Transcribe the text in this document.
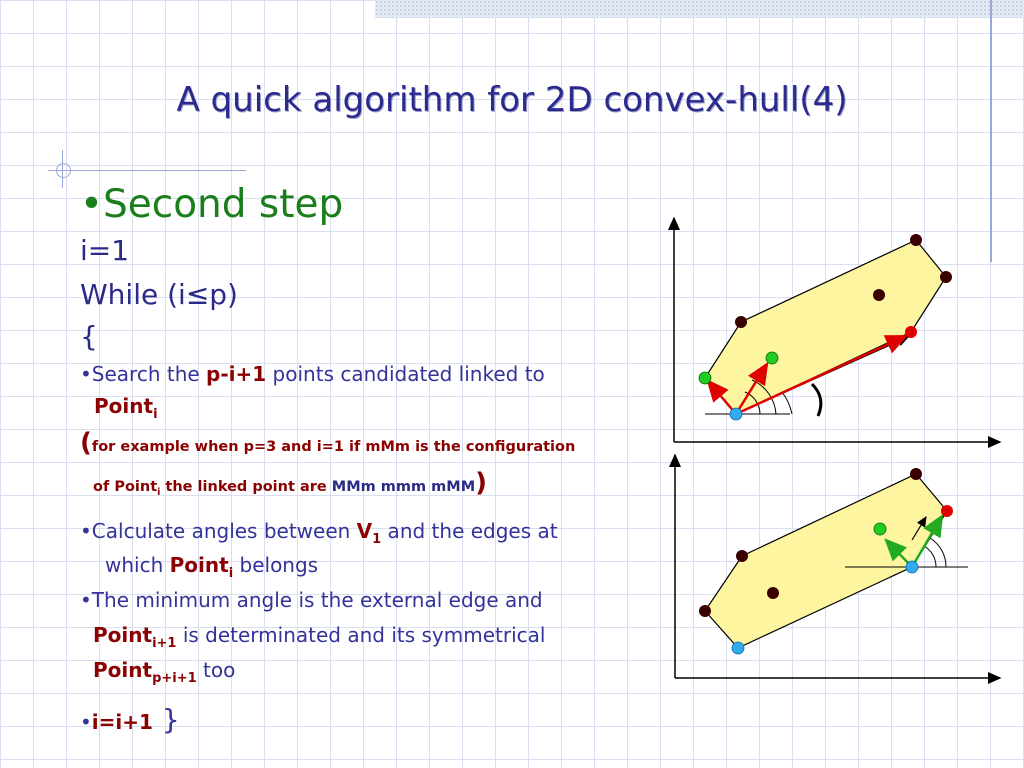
A quick algorithm for 2D convex-hull(4)
•Second step
i=1
While (i≤p)
{
•Search the p-i+1 points candidated linked to
Point$_i$
(for example when p=3 and i=1 if mMm is the configuration
of Point$_i$ the linked point are MMm mmm mMM)
•Calculate angles between $V_1$ and the edges at
which Point$_i$ belongs
•The minimum angle is the external edge and
Point$_{i+1}$ is determinated and its symmetrical
Point$_{p+i+1}$ too
•i=i+1 }
